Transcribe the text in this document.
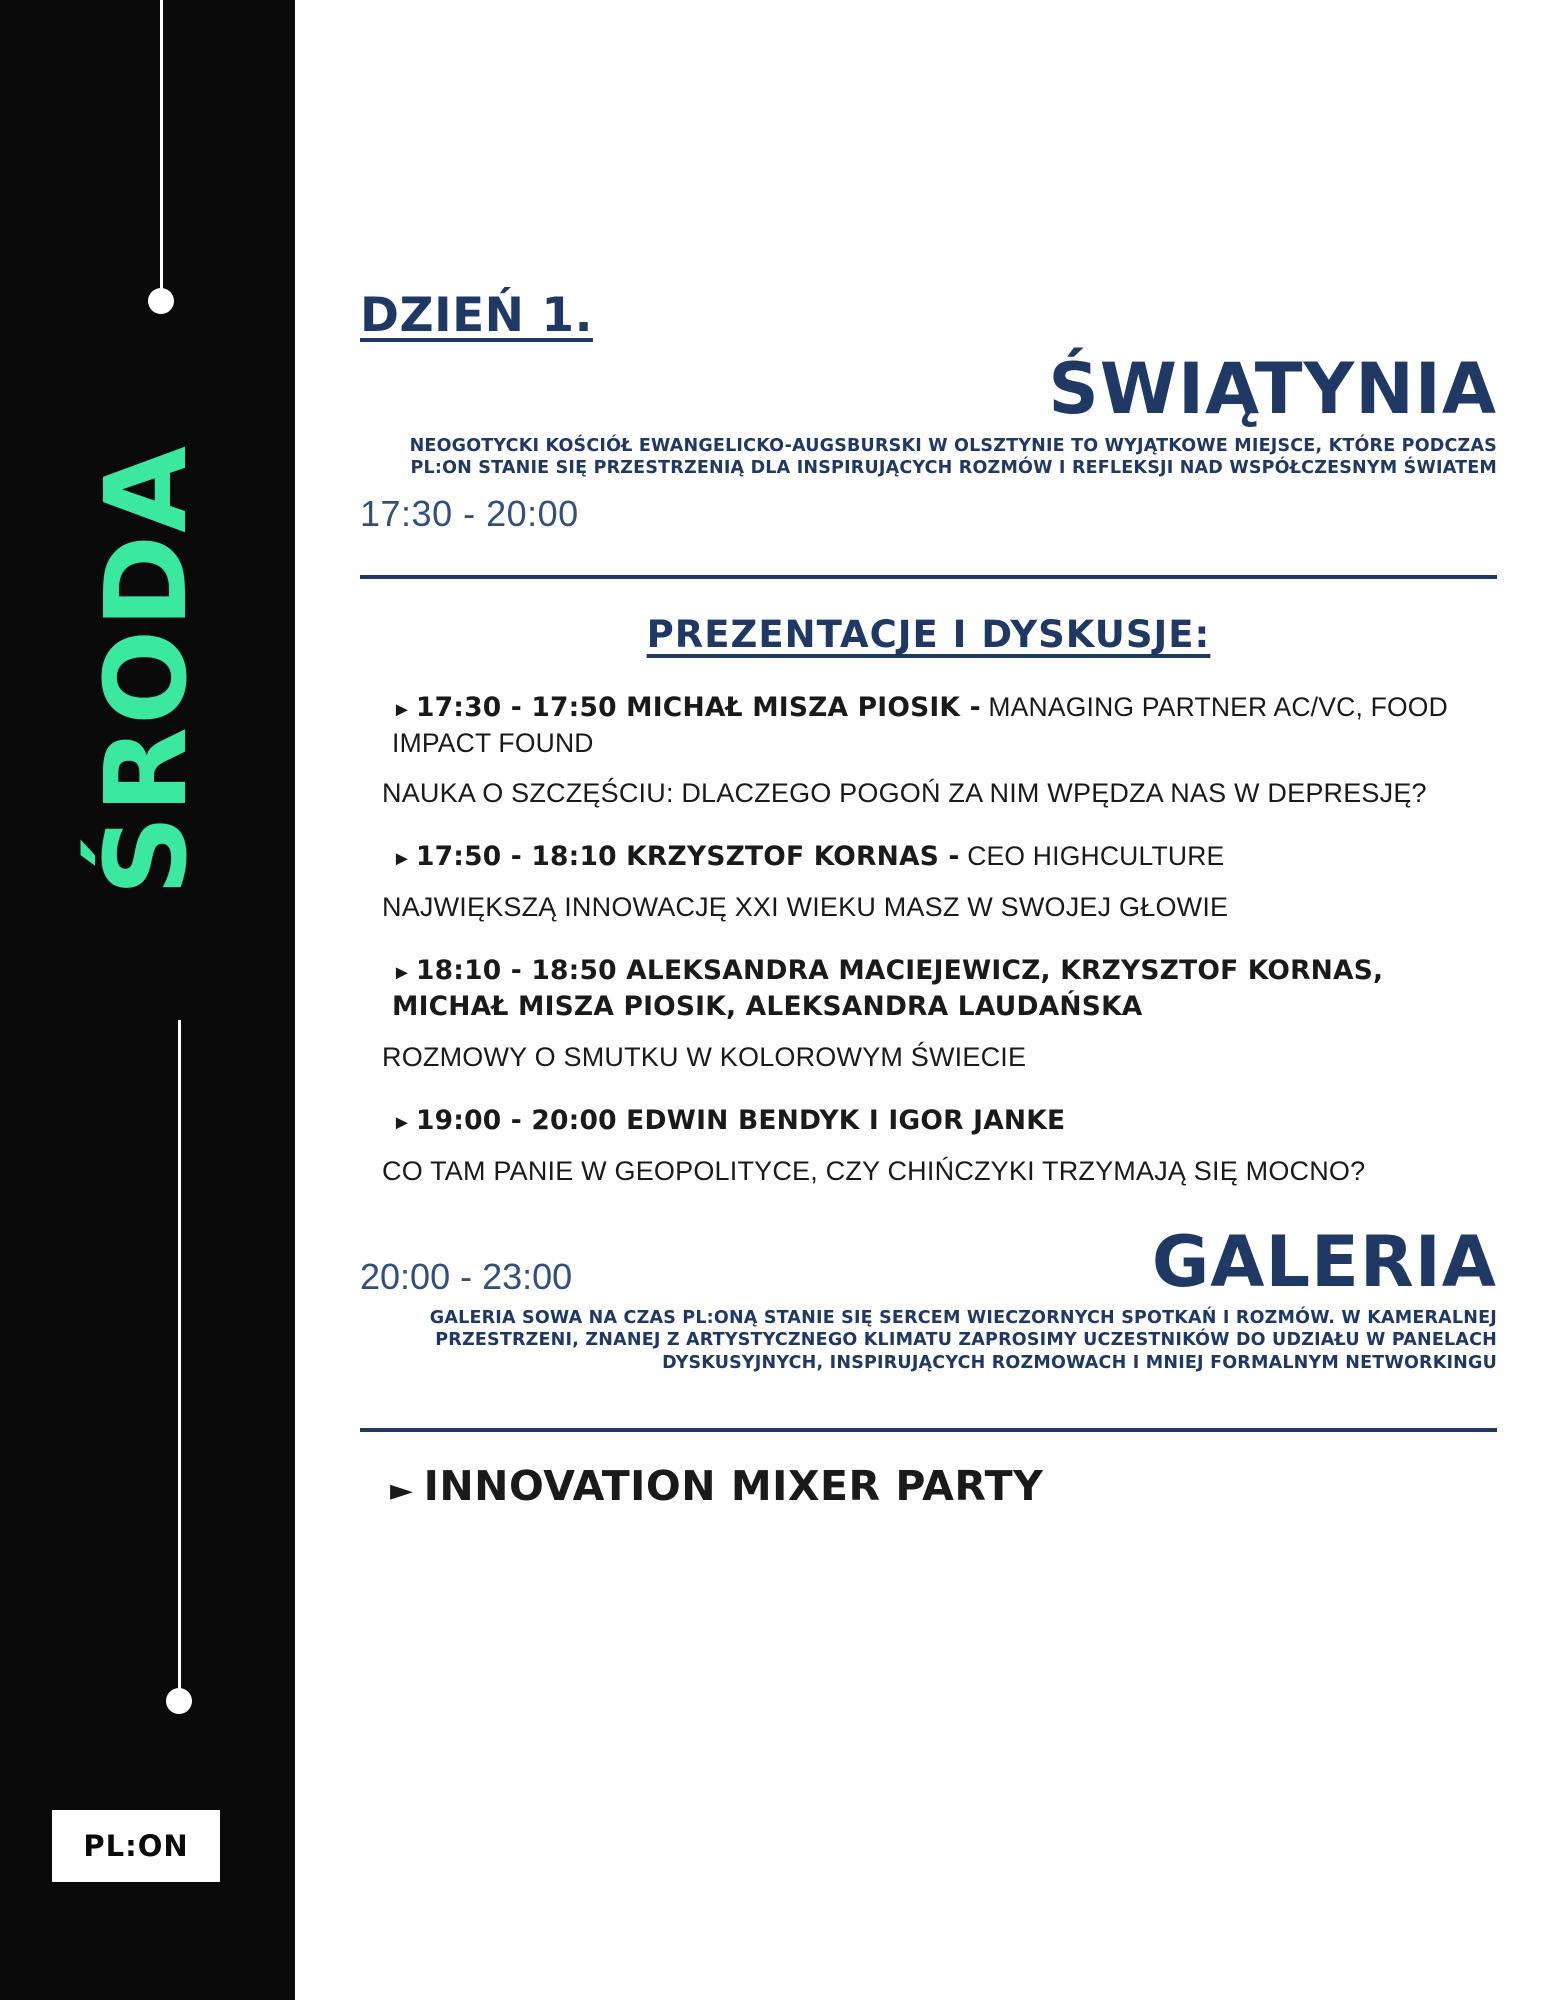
ŚRODA
PL:ON
DZIEŃ 1.
ŚWIĄTYNIA
NEOGOTYCKI KOŚCIÓŁ EWANGELICKO-AUGSBURSKI W OLSZTYNIE TO WYJĄTKOWE MIEJSCE, KTÓRE PODCZAS PL:ON STANIE SIĘ PRZESTRZENIĄ DLA INSPIRUJĄCYCH ROZMÓW I REFLEKSJI NAD WSPÓŁCZESNYM ŚWIATEM
17:30 - 20:00
PREZENTACJE I DYSKUSJE:
► 17:30 - 17:50 MICHAŁ MISZA PIOSIK - MANAGING PARTNER AC/VC, FOOD IMPACT FOUND
NAUKA O SZCZĘŚCIU: DLACZEGO POGOŃ ZA NIM WPĘDZA NAS W DEPRESJĘ?
► 17:50 - 18:10 KRZYSZTOF KORNAS - CEO HIGHCULTURE
NAJWIĘKSZĄ INNOWACJĘ XXI WIEKU MASZ W SWOJEJ GŁOWIE
► 18:10 - 18:50 ALEKSANDRA MACIEJEWICZ, KRZYSZTOF KORNAS, MICHAŁ MISZA PIOSIK, ALEKSANDRA LAUDAŃSKA
ROZMOWY O SMUTKU W KOLOROWYM ŚWIECIE
► 19:00 - 20:00 EDWIN BENDYK I IGOR JANKE
CO TAM PANIE W GEOPOLITYCE, CZY CHIŃCZYKI TRZYMAJĄ SIĘ MOCNO?
GALERIA
GALERIA SOWA NA CZAS PL:ONĄ STANIE SIĘ SERCEM WIECZORNYCH SPOTKAŃ I ROZMÓW. W KAMERALNEJ PRZESTRZENI, ZNANEJ Z ARTYSTYCZNEGO KLIMATU ZAPROSIMY UCZESTNIKÓW DO UDZIAŁU W PANELACH DYSKUSYJNYCH, INSPIRUJĄCYCH ROZMOWACH I MNIEJ FORMALNYM NETWORKINGU
20:00 - 23:00
► INNOVATION MIXER PARTY
